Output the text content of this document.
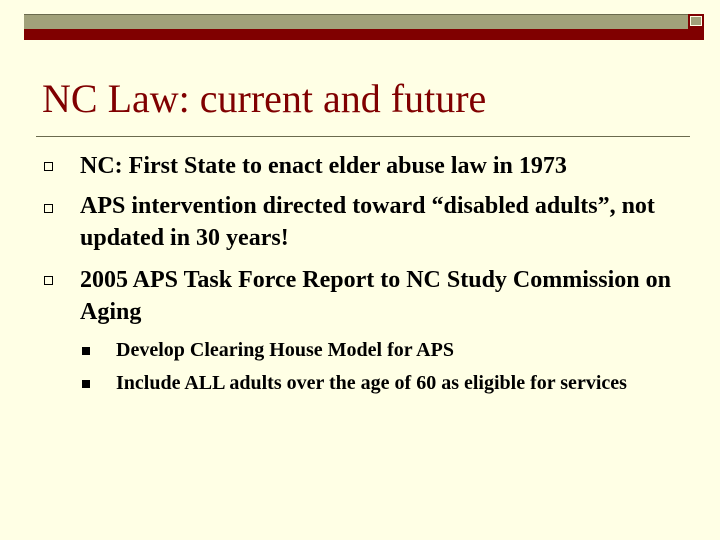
NC Law: current and future
NC: First State to enact elder abuse law in 1973
APS intervention directed toward “disabled adults”, not updated in 30 years!
2005 APS Task Force Report to NC Study Commission on Aging
Develop Clearing House Model for APS
Include ALL adults over the age of 60 as eligible for services
